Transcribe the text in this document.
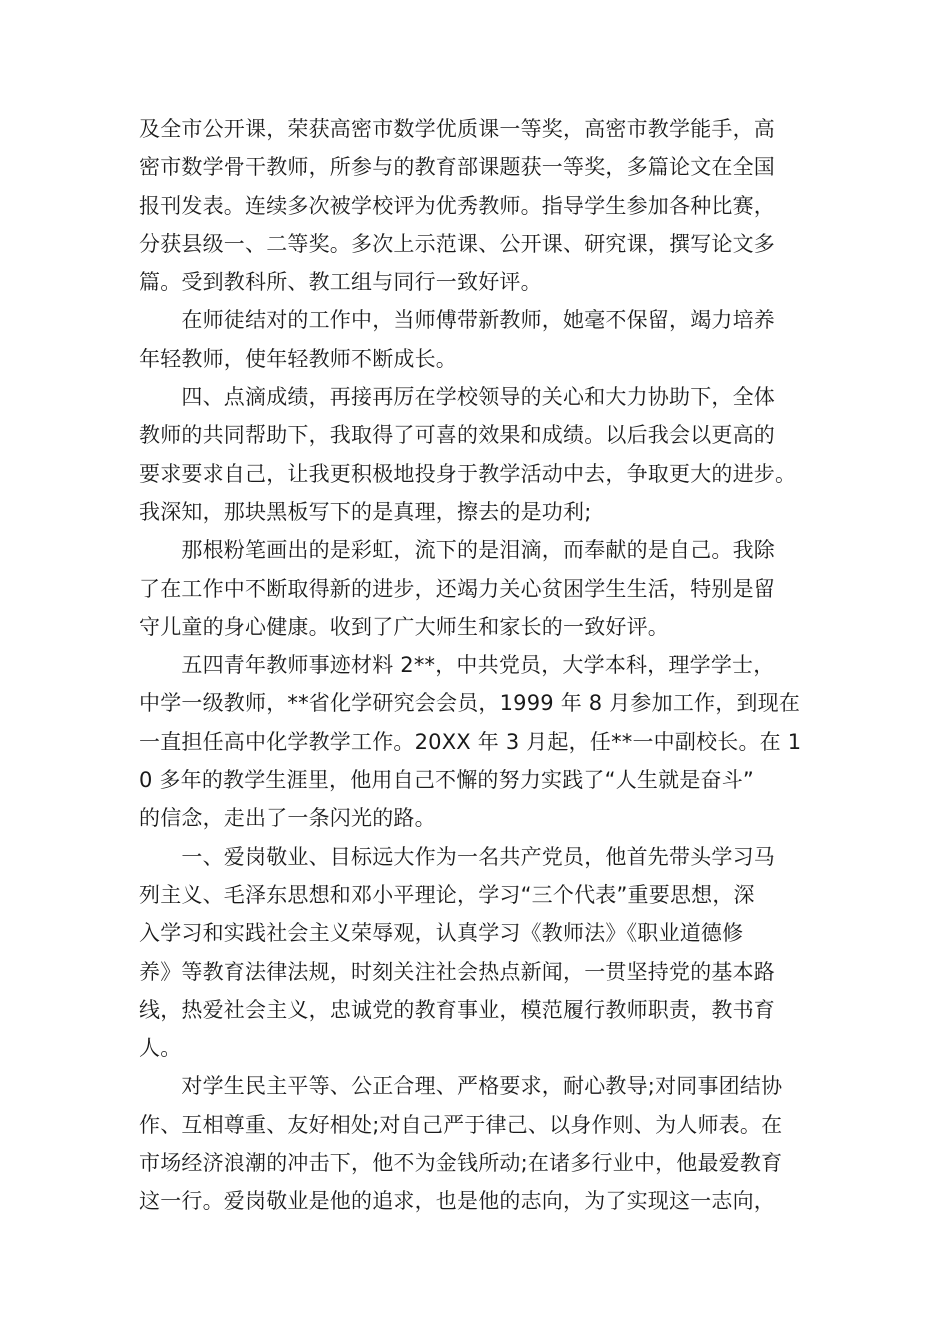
及全市公开课，荣获高密市数学优质课一等奖，高密市教学能手，高
密市数学骨干教师，所参与的教育部课题获一等奖，多篇论文在全国
报刊发表。连续多次被学校评为优秀教师。指导学生参加各种比赛，
分获县级一、二等奖。多次上示范课、公开课、研究课，撰写论文多
篇。受到教科所、教工组与同行一致好评。
　　在师徒结对的工作中，当师傅带新教师，她毫不保留，竭力培养
年轻教师，使年轻教师不断成长。
　　四、点滴成绩，再接再厉在学校领导的关心和大力协助下，全体
教师的共同帮助下，我取得了可喜的效果和成绩。以后我会以更高的
要求要求自己，让我更积极地投身于教学活动中去，争取更大的进步。
我深知，那块黑板写下的是真理，擦去的是功利;
　　那根粉笔画出的是彩虹，流下的是泪滴，而奉献的是自己。我除
了在工作中不断取得新的进步，还竭力关心贫困学生生活，特别是留
守儿童的身心健康。收到了广大师生和家长的一致好评。
　　五四青年教师事迹材料 2**，中共党员，大学本科，理学学士，
中学一级教师，**省化学研究会会员，1999 年 8 月参加工作，到现在
一直担任高中化学教学工作。20XX 年 3 月起，任**一中副校长。在 1
0 多年的教学生涯里，他用自己不懈的努力实践了“人生就是奋斗”
的信念，走出了一条闪光的路。
　　一、爱岗敬业、目标远大作为一名共产党员，他首先带头学习马
列主义、毛泽东思想和邓小平理论，学习“三个代表”重要思想，深
入学习和实践社会主义荣辱观，认真学习《教师法》《职业道德修
养》等教育法律法规，时刻关注社会热点新闻，一贯坚持党的基本路
线，热爱社会主义，忠诚党的教育事业，模范履行教师职责，教书育
人。
　　对学生民主平等、公正合理、严格要求，耐心教导;对同事团结协
作、互相尊重、友好相处;对自己严于律己、以身作则、为人师表。在
市场经济浪潮的冲击下，他不为金钱所动;在诸多行业中，他最爱教育
这一行。爱岗敬业是他的追求，也是他的志向，为了实现这一志向，
